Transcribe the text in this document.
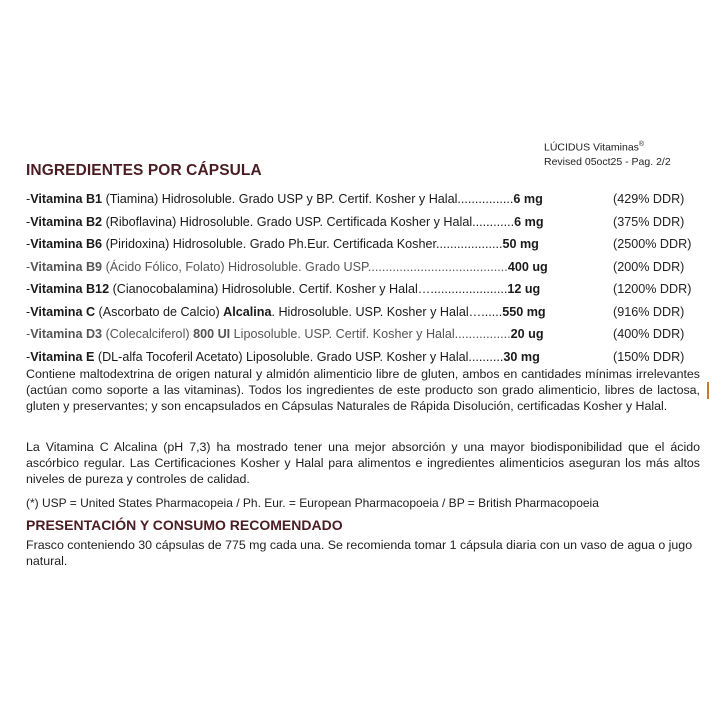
LÚCIDUS Vitaminas®
Revised 05oct25 - Pag. 2/2
INGREDIENTES POR CÁPSULA
-Vitamina B1 (Tiamina) Hidrosoluble. Grado USP y BP. Certif. Kosher y Halal................6 mg	(429% DDR)
-Vitamina B2 (Riboflavina) Hidrosoluble. Grado USP. Certificada Kosher y Halal............6 mg	(375% DDR)
-Vitamina B6 (Piridoxina) Hidrosoluble. Grado Ph.Eur. Certificada Kosher...................50 mg	(2500% DDR)
-Vitamina B9 (Ácido Fólico, Folato) Hidrosoluble. Grado USP........................................400 ug	(200% DDR)
-Vitamina B12 (Cianocobalamina) Hidrosoluble. Certif. Kosher y Halal…......................12 ug	(1200% DDR)
-Vitamina C (Ascorbato de Calcio) Alcalina. Hidrosoluble. USP. Kosher y Halal…......550 mg	(916% DDR)
-Vitamina D3 (Colecalciferol) 800 UI Liposoluble. USP. Certif. Kosher y Halal................20 ug	(400% DDR)
-Vitamina E (DL-alfa Tocoferil Acetato) Liposoluble. Grado USP. Kosher y Halal..........30 mg	(150% DDR)

Contiene maltodextrina de origen natural y almidón alimenticio libre de gluten, ambos en cantidades mínimas irrelevantes (actúan como soporte a las vitaminas). Todos los ingredientes de este producto son grado alimenticio, libres de lactosa, gluten y preservantes; y son encapsulados en Cápsulas Naturales de Rápida Disolución, certificadas Kosher y Halal.

La Vitamina C Alcalina (pH 7,3) ha mostrado tener una mejor absorción y una mayor biodisponibilidad que el ácido ascórbico regular. Las Certificaciones Kosher y Halal para alimentos e ingredientes alimenticios aseguran los más altos niveles de pureza y controles de calidad.

(*) USP = United States Pharmacopeia / Ph. Eur. = European Pharmacopoeia / BP = British Pharmacopoeia

PRESENTACIÓN Y CONSUMO RECOMENDADO

Frasco conteniendo 30 cápsulas de 775 mg cada una. Se recomienda tomar 1 cápsula diaria con un vaso de agua o jugo natural.
